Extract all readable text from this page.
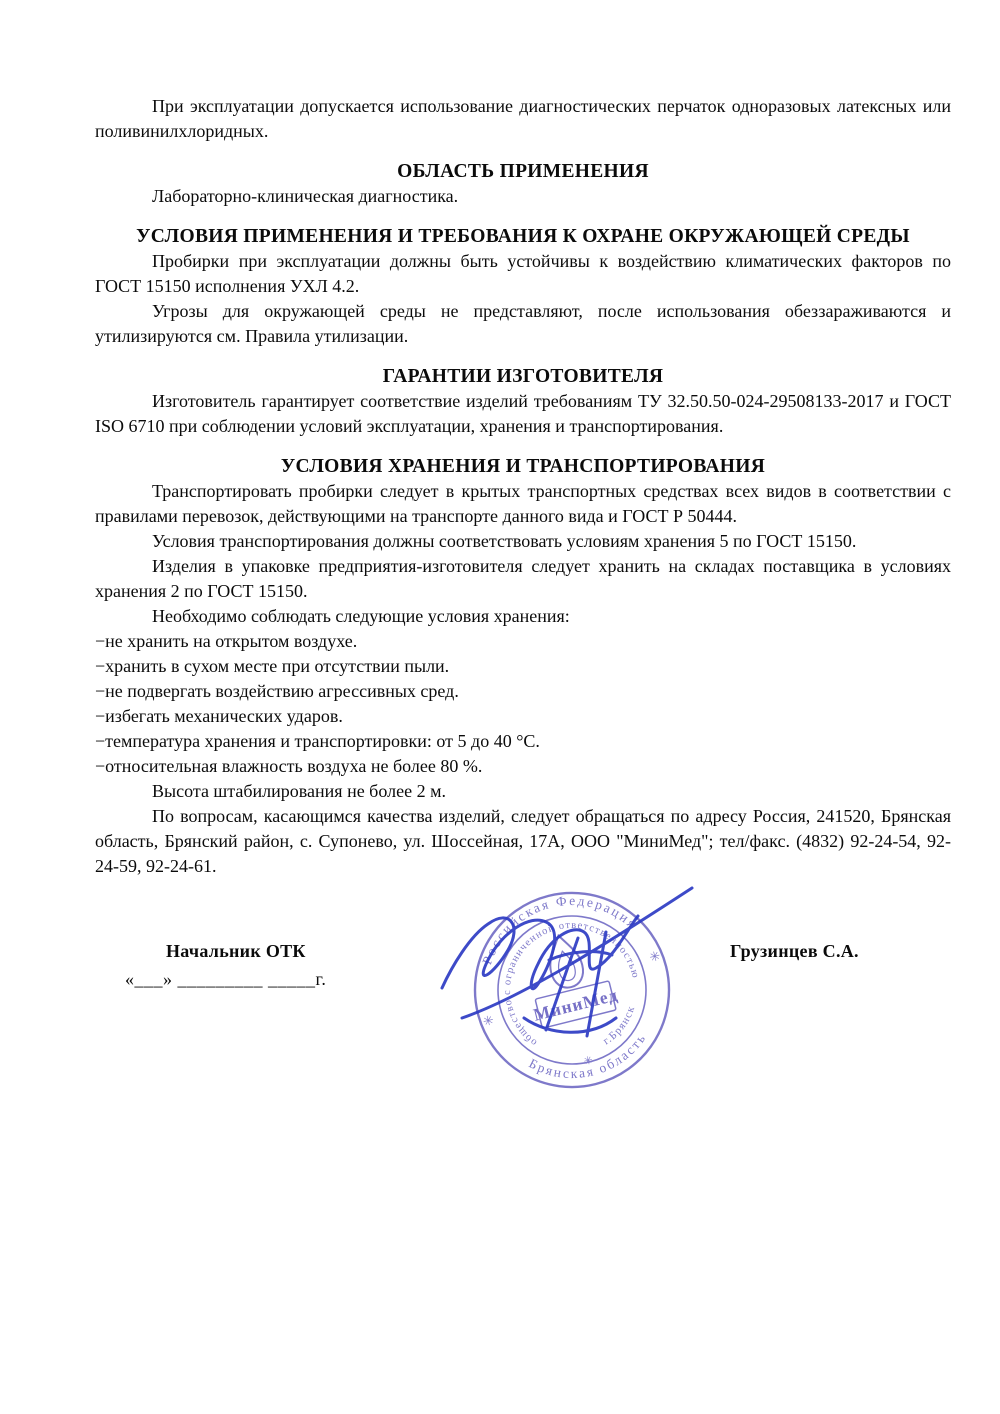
При эксплуатации допускается использование диагностических перчаток одноразовых латексных или поливинилхлоридных.

ОБЛАСТЬ ПРИМЕНЕНИЯ

Лабораторно-клиническая диагностика.

УСЛОВИЯ ПРИМЕНЕНИЯ И ТРЕБОВАНИЯ К ОХРАНЕ ОКРУЖАЮЩЕЙ СРЕДЫ

Пробирки при эксплуатации должны быть устойчивы к воздействию климатических факторов по ГОСТ 15150 исполнения УХЛ 4.2.

Угрозы для окружающей среды не представляют, после использования обеззараживаются и утилизируются см. Правила утилизации.

ГАРАНТИИ ИЗГОТОВИТЕЛЯ

Изготовитель гарантирует соответствие изделий требованиям ТУ 32.50.50-024-29508133-2017 и ГОСТ ISO 6710 при соблюдении условий эксплуатации, хранения и транспортирования.

УСЛОВИЯ ХРАНЕНИЯ И ТРАНСПОРТИРОВАНИЯ

Транспортировать пробирки следует в крытых транспортных средствах всех видов в соответствии с правилами перевозок, действующими на транспорте данного вида и ГОСТ Р 50444.

Условия транспортирования должны соответствовать условиям хранения 5 по ГОСТ 15150.

Изделия в упаковке предприятия-изготовителя следует хранить на складах поставщика в условиях хранения 2 по ГОСТ 15150.

Необходимо соблюдать следующие условия хранения:

−не хранить на открытом воздухе.
−хранить в сухом месте при отсутствии пыли.
−не подвергать воздействию агрессивных сред.
−избегать механических ударов.
−температура хранения и транспортировки: от 5 до 40 °С.
−относительная влажность воздуха не более 80 %.

Высота штабилирования не более 2 м.

По вопросам, касающимся качества изделий, следует обращаться по адресу Россия, 241520, Брянская область, Брянский район, с. Супонево, ул. Шоссейная, 17А, ООО "МиниМед"; тел/факс. (4832) 92-24-54, 92-24-59, 92-24-61.

Начальник ОТК
«___» _________ _____г.
Грузинцев С.А.
Российская Федерация
Брянская область
общество с ограниченной ответственностью
г.Брянск
✳
✳
✳
МиниМед
